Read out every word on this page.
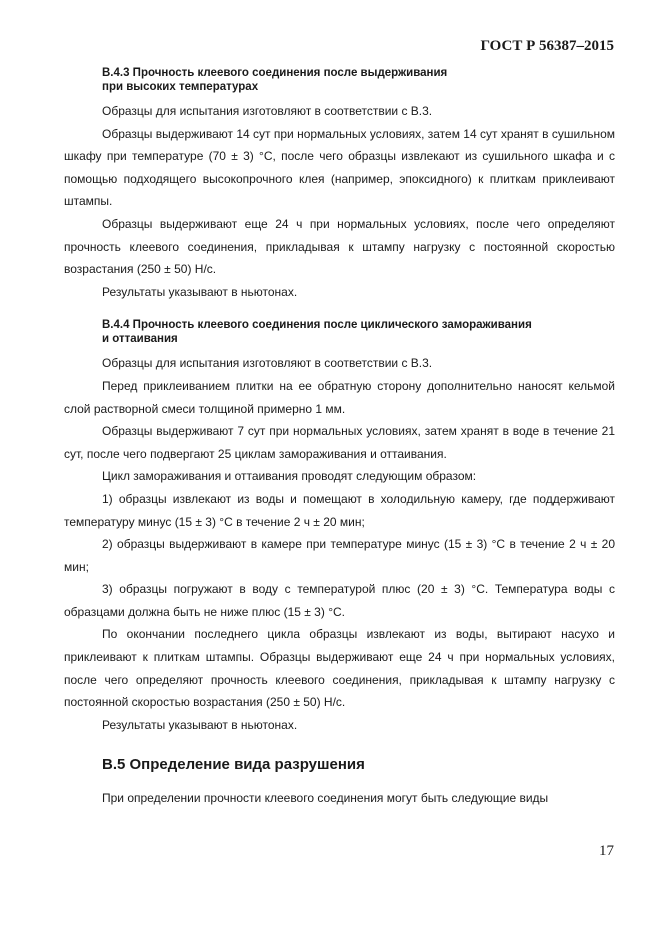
ГОСТ Р 56387–2015
В.4.3 Прочность клеевого соединения после выдерживания
при высоких температурах

Образцы для испытания изготовляют в соответствии с В.3.

Образцы выдерживают 14 сут при нормальных условиях, затем 14 сут хранят в сушильном шкафу при температуре (70 ± 3) °С, после чего образцы извлекают из сушильного шкафа и с помощью подходящего высокопрочного клея (например, эпоксидного) к плиткам приклеивают штампы.

Образцы выдерживают еще 24 ч при нормальных условиях, после чего определяют прочность клеевого соединения, прикладывая к штампу нагрузку с постоянной скоростью возрастания (250 ± 50) Н/с.

Результаты указывают в ньютонах.

В.4.4 Прочность клеевого соединения после циклического замораживания
и оттаивания

Образцы для испытания изготовляют в соответствии с В.3.

Перед приклеиванием плитки на ее обратную сторону дополнительно наносят кельмой слой растворной смеси толщиной примерно 1 мм.

Образцы выдерживают 7 сут при нормальных условиях, затем хранят в воде в течение 21 сут, после чего подвергают 25 циклам замораживания и оттаивания.

Цикл замораживания и оттаивания проводят следующим образом:

1) образцы извлекают из воды и помещают в холодильную камеру, где поддерживают температуру минус (15 ± 3) °С в течение 2 ч ± 20 мин;

2) образцы выдерживают в камере при температуре минус (15 ± 3) °С в течение 2 ч ± 20 мин;

3) образцы погружают в воду с температурой плюс (20 ± 3) °С. Температура воды с образцами должна быть не ниже плюс (15 ± 3) °С.

По окончании последнего цикла образцы извлекают из воды, вытирают насухо и приклеивают к плиткам штампы. Образцы выдерживают еще 24 ч при нормальных условиях, после чего определяют прочность клеевого соединения, прикладывая к штампу нагрузку с постоянной скоростью возрастания (250 ± 50) Н/с.

Результаты указывают в ньютонах.

В.5 Определение вида разрушения

При определении прочности клеевого соединения могут быть следующие виды

17
